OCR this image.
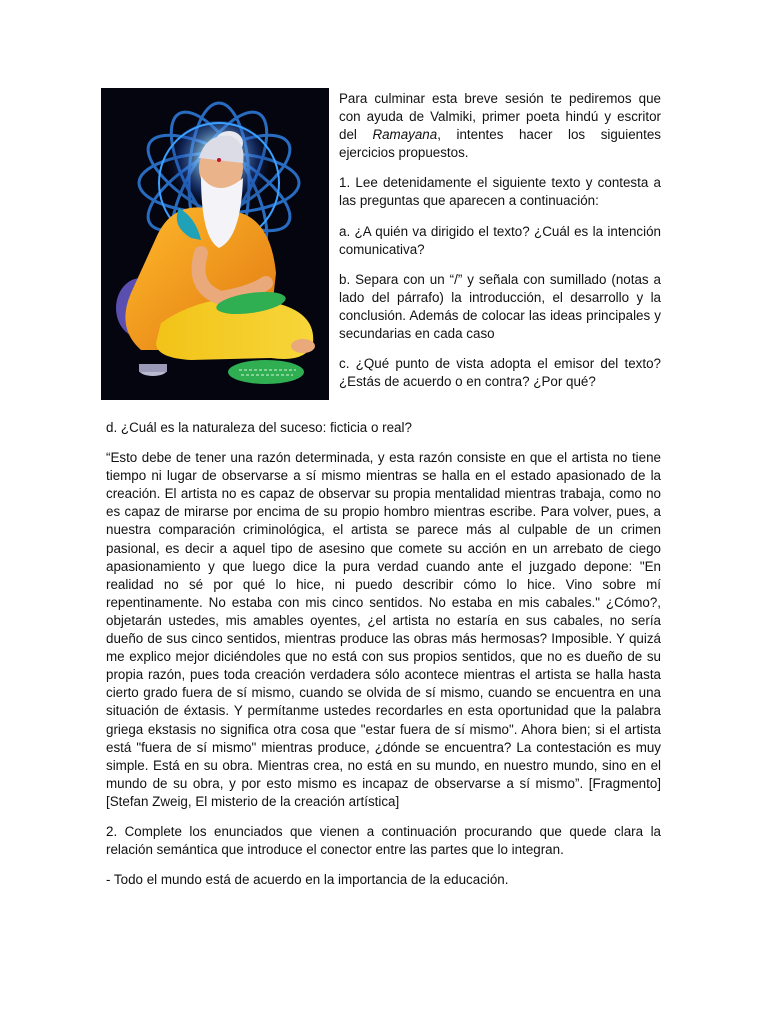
Para culminar esta breve sesión te pediremos que con ayuda de Valmiki, primer poeta hindú y escritor del Ramayana, intentes hacer los siguientes ejercicios propuestos.

1. Lee detenidamente el siguiente texto y contesta a las preguntas que aparecen a continuación:

a. ¿A quién va dirigido el texto? ¿Cuál es la intención comunicativa?

b. Separa con un “/” y señala con sumillado (notas a lado del párrafo) la introducción, el desarrollo y la conclusión. Además de colocar las ideas principales y secundarias en cada caso

c. ¿Qué punto de vista adopta el emisor del texto? ¿Estás de acuerdo o en contra? ¿Por qué?

d. ¿Cuál es la naturaleza del suceso: ficticia o real?

“Esto debe de tener una razón determinada, y esta razón consiste en que el artista no tiene tiempo ni lugar de observarse a sí mismo mientras se halla en el estado apasionado de la creación. El artista no es capaz de observar su propia mentalidad mientras trabaja, como no es capaz de mirarse por encima de su propio hombro mientras escribe. Para volver, pues, a nuestra comparación criminológica, el artista se parece más al culpable de un crimen pasional, es decir a aquel tipo de asesino que comete su acción en un arrebato de ciego apasionamiento y que luego dice la pura verdad cuando ante el juzgado depone: "En realidad no sé por qué lo hice, ni puedo describir cómo lo hice. Vino sobre mí repentinamente. No estaba con mis cinco sentidos. No estaba en mis cabales." ¿Cómo?, objetarán ustedes, mis amables oyentes, ¿el artista no estaría en sus cabales, no sería dueño de sus cinco sentidos, mientras produce las obras más hermosas? Imposible. Y quizá me explico mejor diciéndoles que no está con sus propios sentidos, que no es dueño de su propia razón, pues toda creación verdadera sólo acontece mientras el artista se halla hasta cierto grado fuera de sí mismo, cuando se olvida de sí mismo, cuando se encuentra en una situación de éxtasis. Y permítanme ustedes recordarles en esta oportunidad que la palabra griega ekstasis no significa otra cosa que "estar fuera de sí mismo". Ahora bien; si el artista está "fuera de sí mismo" mientras produce, ¿dónde se encuentra? La contestación es muy simple. Está en su obra. Mientras crea, no está en su mundo, en nuestro mundo, sino en el mundo de su obra, y por esto mismo es incapaz de observarse a sí mismo”. [Fragmento] [Stefan Zweig, El misterio de la creación artística]

2. Complete los enunciados que vienen a continuación procurando que quede clara la relación semántica que introduce el conector entre las partes que lo integran.

- Todo el mundo está de acuerdo en la importancia de la educación.
